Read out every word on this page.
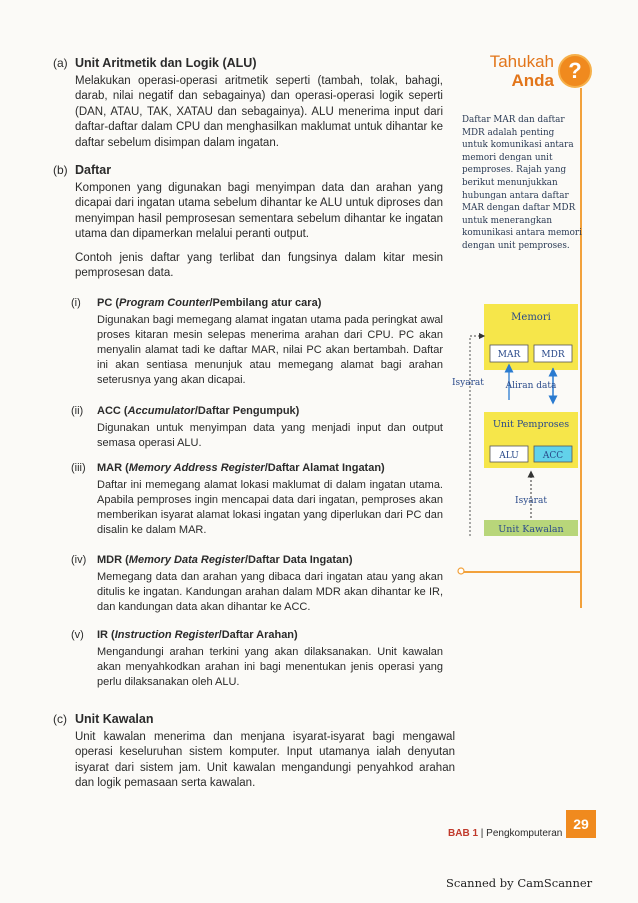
(a) Unit Aritmetik dan Logik (ALU)
Melakukan operasi-operasi aritmetik seperti (tambah, tolak, bahagi, darab, nilai negatif dan sebagainya) dan operasi-operasi logik seperti (DAN, ATAU, TAK, XATAU dan sebagainya). ALU menerima input dari daftar-daftar dalam CPU dan menghasilkan maklumat untuk dihantar ke daftar sebelum disimpan dalam ingatan.
(b) Daftar
Komponen yang digunakan bagi menyimpan data dan arahan yang dicapai dari ingatan utama sebelum dihantar ke ALU untuk diproses dan menyimpan hasil pemprosesan sementara sebelum dihantar ke ingatan utama dan dipamerkan melalui peranti output.
Contoh jenis daftar yang terlibat dan fungsinya dalam kitar mesin pemprosesan data.
(i) PC (Program Counter/Pembilang atur cara)
Digunakan bagi memegang alamat ingatan utama pada peringkat awal proses kitaran mesin selepas menerima arahan dari CPU. PC akan menyalin alamat tadi ke daftar MAR, nilai PC akan bertambah. Daftar ini akan sentiasa menunjuk atau memegang alamat bagi arahan seterusnya yang akan dicapai.
(ii) ACC (Accumulator/Daftar Pengumpuk)
Digunakan untuk menyimpan data yang menjadi input dan output semasa operasi ALU.
(iii) MAR (Memory Address Register/Daftar Alamat Ingatan)
Daftar ini memegang alamat lokasi maklumat di dalam ingatan utama. Apabila pemproses ingin mencapai data dari ingatan, pemproses akan memberikan isyarat alamat lokasi ingatan yang diperlukan dari PC dan disalin ke dalam MAR.
(iv) MDR (Memory Data Register/Daftar Data Ingatan)
Memegang data dan arahan yang dibaca dari ingatan atau yang akan ditulis ke ingatan. Kandungan arahan dalam MDR akan dihantar ke IR, dan kandungan data akan dihantar ke ACC.
(v) IR (Instruction Register/Daftar Arahan)
Mengandungi arahan terkini yang akan dilaksanakan. Unit kawalan akan menyahkodkan arahan ini bagi menentukan jenis operasi yang perlu dilaksanakan oleh ALU.
(c) Unit Kawalan
Unit kawalan menerima dan menjana isyarat-isyarat bagi mengawal operasi keseluruhan sistem komputer. Input utamanya ialah denyutan isyarat dari sistem jam. Unit kawalan mengandungi penyahkod arahan dan logik pemasaan serta kawalan.
Tahukah
Anda ?
Daftar MAR dan daftar MDR adalah penting untuk komunikasi antara memori dengan unit pemproses. Rajah yang berikut menunjukkan hubungan antara daftar MAR dengan daftar MDR untuk menerangkan komunikasi antara memori dengan unit pemproses.
Memori
MAR MDR
Aliran data
Isyarat
Unit Pemproses
ALU	ACC
Isyarat
Unit Kawalan
BAB 1 | Pengkomputeran
29
Scanned by CamScanner
